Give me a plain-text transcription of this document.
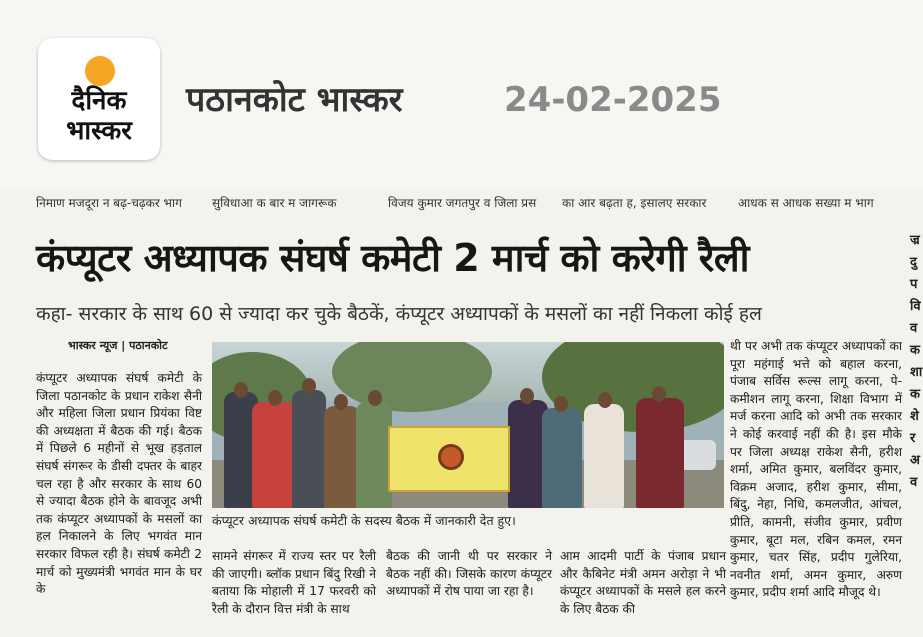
दैनिक
भास्कर
पठानकोट भास्कर	24-02-2025
निमाण मजदूरा न बढ़-चढ़कर भाग	सुविधाआ क बार म जागरूक	विजय कुमार जगतपुर व जिला प्रस का आर बढ़ता ह, इसालए सरकार	आधक स आधक सख्या म भाग
कंप्यूटर अध्यापक संघर्ष कमेटी 2 मार्च को करेगी रैली
कहा- सरकार के साथ 60 से ज्यादा कर चुके बैठकें, कंप्यूटर अध्यापकों के मसलों का नहीं निकला कोई हल
भास्कर न्यूज | पठानकोट
कंप्यूटर अध्यापक संघर्ष कमेटी के जिला पठानकोट के प्रधान राकेश सैनी और महिला जिला प्रधान प्रियंका विष्ट की अध्यक्षता में बैठक की गई। बैठक में पिछले 6 महीनों से भूख हड़ताल संघर्ष संगरूर के डीसी दफ्तर के बाहर चल रहा है और सरकार के साथ 60 से ज्यादा बैठक होने के बावजूद अभी तक कंप्यूटर अध्यापकों के मसलों का हल निकालने के लिए भगवंत मान सरकार विफल रही है। संघर्ष कमेटी 2 मार्च को मुख्यमंत्री भगवंत मान के घर के
कंप्यूटर अध्यापक संघर्ष कमेटी के सदस्य बैठक में जानकारी देत हुए।
सामने संगरूर में राज्य स्तर पर रैली की जाएगी। ब्लॉक प्रधान बिंदु रिखी ने बताया कि मोहाली में 17 फरवरी को रैली के दौरान वित्त मंत्री के साथ
बैठक की जानी थी पर सरकार ने बैठक नहीं की। जिसके कारण कंप्यूटर अध्यापकों में रोष पाया जा रहा है।
आम आदमी पार्टी के पंजाब प्रधान और कैबिनेट मंत्री अमन अरोड़ा ने भी कंप्यूटर अध्यापकों के मसले हल करने के लिए बैठक की
थी पर अभी तक कंप्यूटर अध्यापकों का पूरा महंगाई भत्ते को बहाल करना, पंजाब सर्विस रूल्स लागू करना, पे-कमीशन लागू करना, शिक्षा विभाग में मर्ज करना आदि को अभी तक सरकार ने कोई करवाई नहीं की है। इस मौके पर जिला अध्यक्ष राकेश सैनी, हरीश शर्मा, अमित कुमार, बलविंदर कुमार, विक्रम अजाद, हरीश कुमार, सीमा, बिंदु, नेहा, निधि, कमलजीत, आंचल, प्रीति, कामनी, संजीव कुमार, प्रवीण कुमार, बूटा मल, रबिन कमल, रमन कुमार, चतर सिंह, प्रदीप गुलेरिया, नवनीत शर्मा, अमन कुमार, अरुण कुमार, प्रदीप शर्मा आदि मौजूद थे।
ज्र दु प वि व क शा क शे र अ व
